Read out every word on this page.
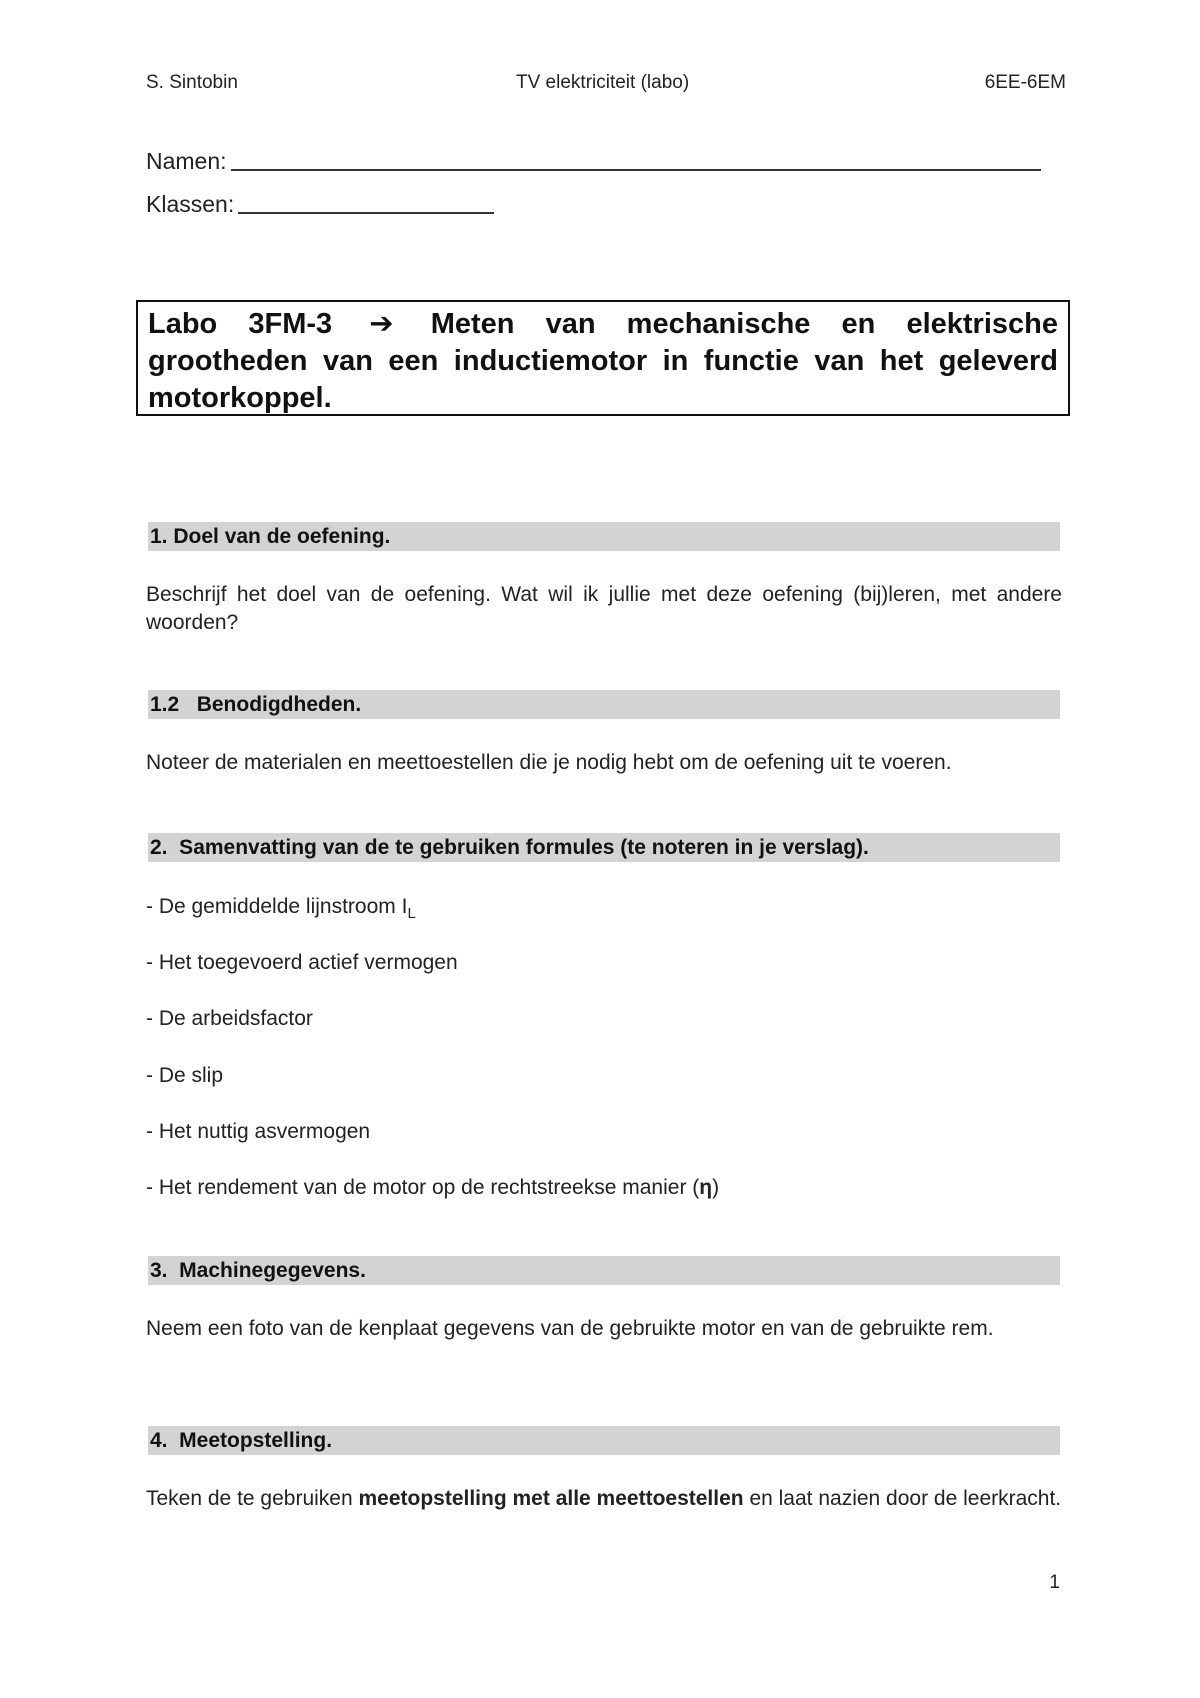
S. Sintobin	TV elektriciteit (labo)	6EE-6EM
Namen:
Klassen:

Labo 3FM-3 ➔ Meten van mechanische en elektrische grootheden van een inductiemotor in functie van het geleverd motorkoppel.

1. Doel van de oefening.
Beschrijf het doel van de oefening. Wat wil ik jullie met deze oefening (bij)leren, met andere woorden?
1.2   Benodigdheden.
Noteer de materialen en meettoestellen die je nodig hebt om de oefening uit te voeren.
2.  Samenvatting van de te gebruiken formules (te noteren in je verslag).
- De gemiddelde lijnstroom $I_L$
- Het toegevoerd actief vermogen
- De arbeidsfactor
- De slip
- Het nuttig asvermogen
- Het rendement van de motor op de rechtstreekse manier (η)
3.  Machinegegevens.
Neem een foto van de kenplaat gegevens van de gebruikte motor en van de gebruikte rem.
4.  Meetopstelling.
Teken de te gebruiken meetopstelling met alle meettoestellen en laat nazien door de leerkracht.
1
